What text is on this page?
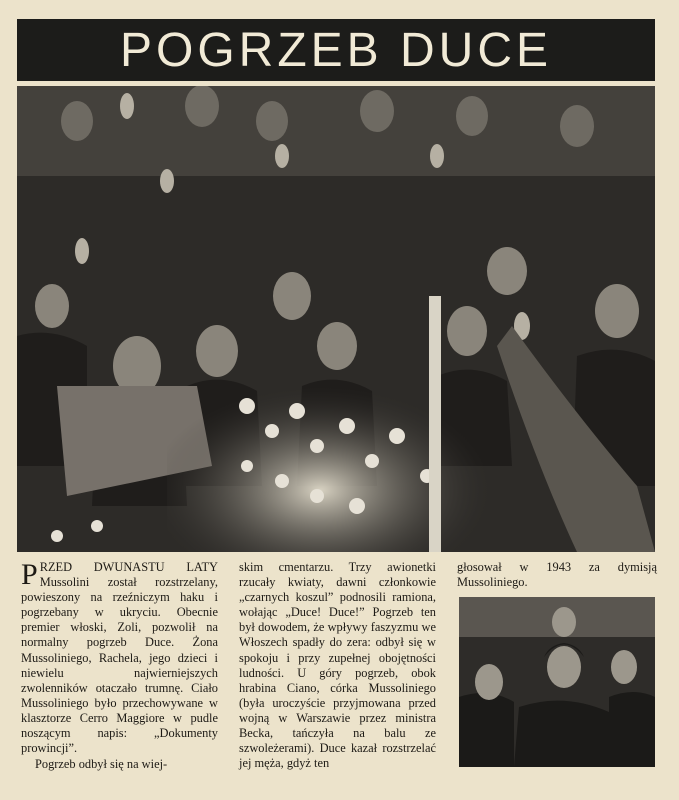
POGRZEB DUCE
P RZED DWUNASTU LATY Mussolini został rozstrzelany, powieszony na rzeźniczym haku i pogrzebany w ukryciu. Obecnie premier włoski, Zoli, pozwolił na normalny pogrzeb Duce. Żona Mussoliniego, Rachela, jego dzieci i niewielu najwierniejszych zwolenników otaczało trumnę. Ciało Mussoliniego było przechowywane w klasztorze Cerro Maggiore w pudle noszącym napis: „Dokumenty prowincji”.

Pogrzeb odbył się na wiej-

skim cmentarzu. Trzy awionetki rzucały kwiaty, dawni członkowie „czarnych koszul” podnosili ramiona, wołając „Duce! Duce!” Pogrzeb ten był dowodem, że wpływy faszyzmu we Włoszech spadły do zera: odbył się w spokoju i przy zupełnej obojętności ludności. U góry pogrzeb, obok hrabina Ciano, córka Mussoliniego (była uroczyście przyjmowana przed wojną w Warszawie przez ministra Becka, tańczyła na balu ze szwoleżerami). Duce kazał rozstrzelać jej męża, gdyż ten

głosował w 1943 za dymisją Mussoliniego.
